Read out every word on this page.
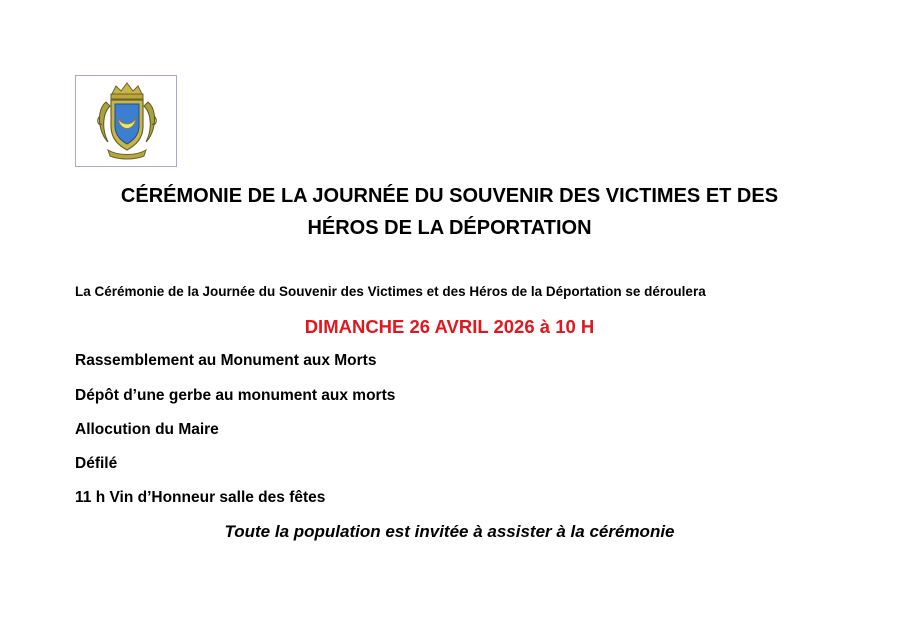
CÉRÉMONIE DE LA JOURNÉE DU SOUVENIR DES VICTIMES ET DES
HÉROS DE LA DÉPORTATION
La Cérémonie de la Journée du Souvenir des Victimes et des Héros de la Déportation se déroulera
DIMANCHE 26 AVRIL 2026 à 10 H
Rassemblement au Monument aux Morts
Dépôt d’une gerbe au monument aux morts
Allocution du Maire
Défilé
11 h Vin d’Honneur salle des fêtes
Toute la population est invitée à assister à la cérémonie
